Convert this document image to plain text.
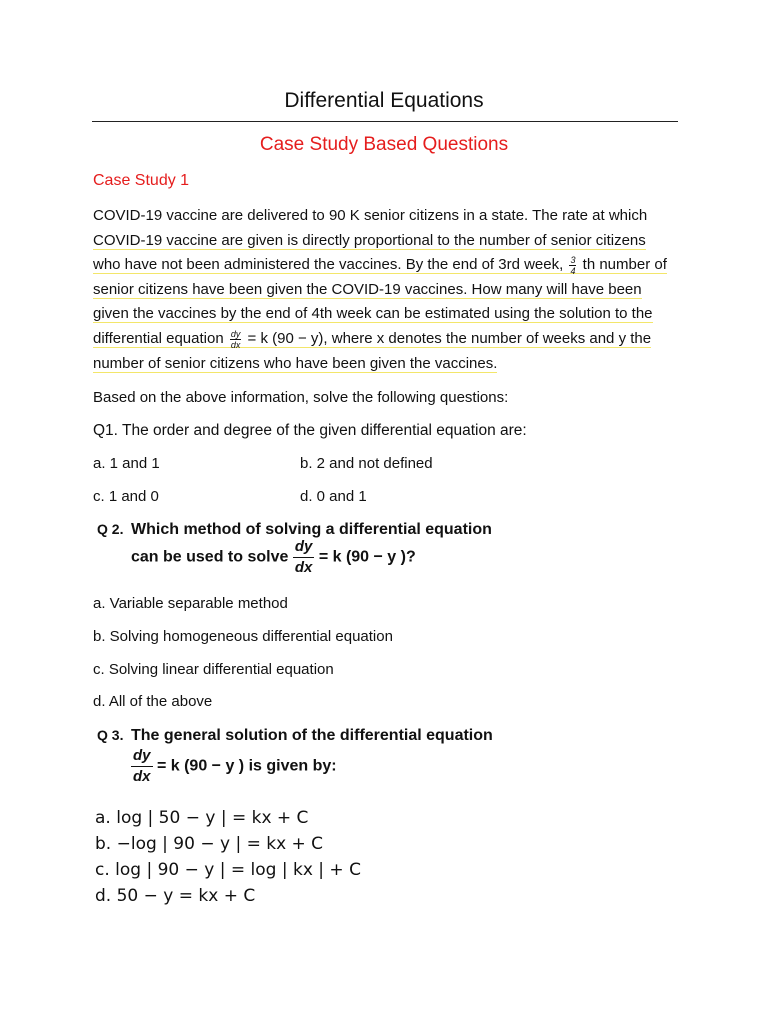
Differential Equations
Case Study Based Questions
Case Study 1
COVID-19 vaccine are delivered to 90 K senior citizens in a state. The rate at which
COVID-19 vaccine are given is directly proportional to the number of senior citizens
who have not been administered the vaccines. By the end of 3rd week, $\frac{3}{4}$ th number of
senior citizens have been given the COVID-19 vaccines. How many will have been
given the vaccines by the end of 4th week can be estimated using the solution to the
differential equation $\frac{dy}{dx} = k$ (90 − y), where x denotes the number of weeks and y the
number of senior citizens who have been given the vaccines.
Based on the above information, solve the following questions:
Q1. The order and degree of the given differential equation are:
a. 1 and 1	b. 2 and not defined
c. 1 and 0	d. 0 and 1
Q 2. Which method of solving a differential equation
can be used to solve $\frac{dy}{dx} = k$ (90 − y )?
a. Variable separable method
b. Solving homogeneous differential equation
c. Solving linear differential equation
d. All of the above
Q 3. The general solution of the differential equation
$\frac{dy}{dx} = k$ (90 − y ) is given by:
a. log | 50 − y | = kx + C
b. −log | 90 − y | = kx + C
c. log | 90 − y | = log | kx | + C
d. 50 − y = kx + C
